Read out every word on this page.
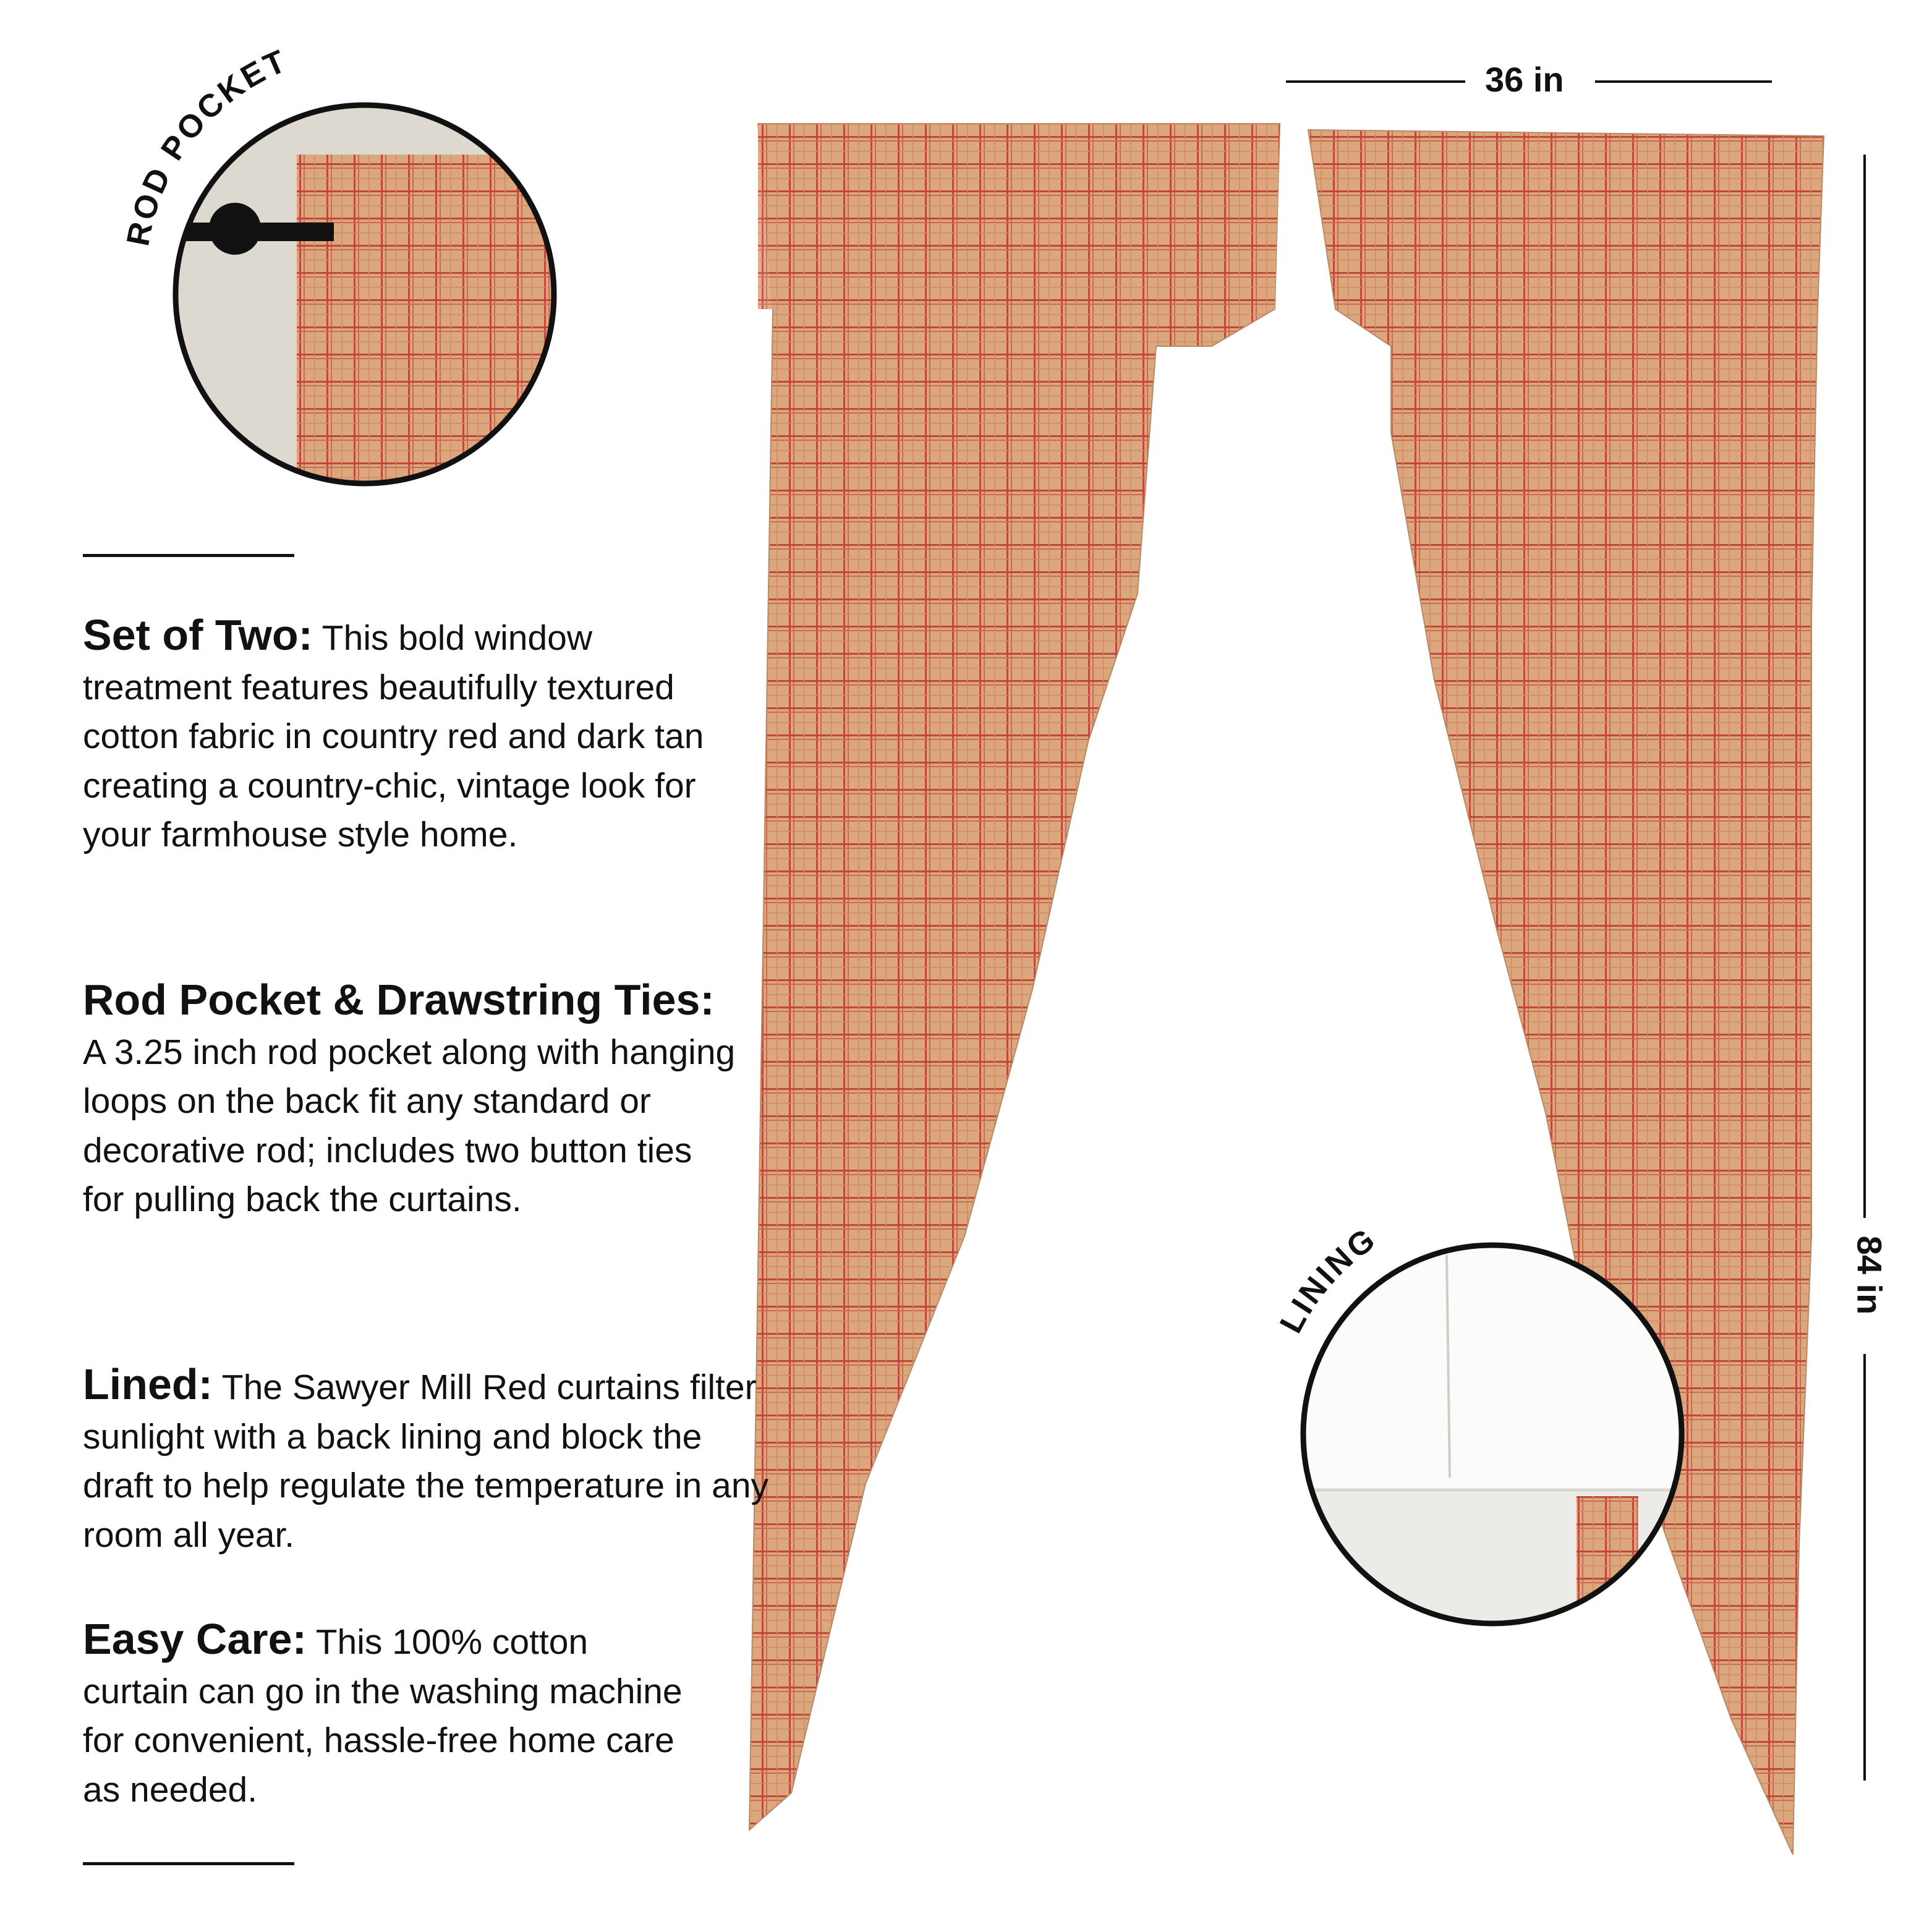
ROD POCKET
LINING
36 in
84 in
Set of Two: This bold window treatment features beautifully textured cotton fabric in country red and dark tan creating a country-chic, vintage look for your farmhouse style home.
Rod Pocket & Drawstring Ties: A 3.25 inch rod pocket along with hanging loops on the back fit any standard or decorative rod; includes two button ties for pulling back the curtains.
Lined: The Sawyer Mill Red curtains filter sunlight with a back lining and block the draft to help regulate the temperature in any room all year.
Easy Care: This 100% cotton curtain can go in the washing machine for convenient, hassle-free home care as needed.
